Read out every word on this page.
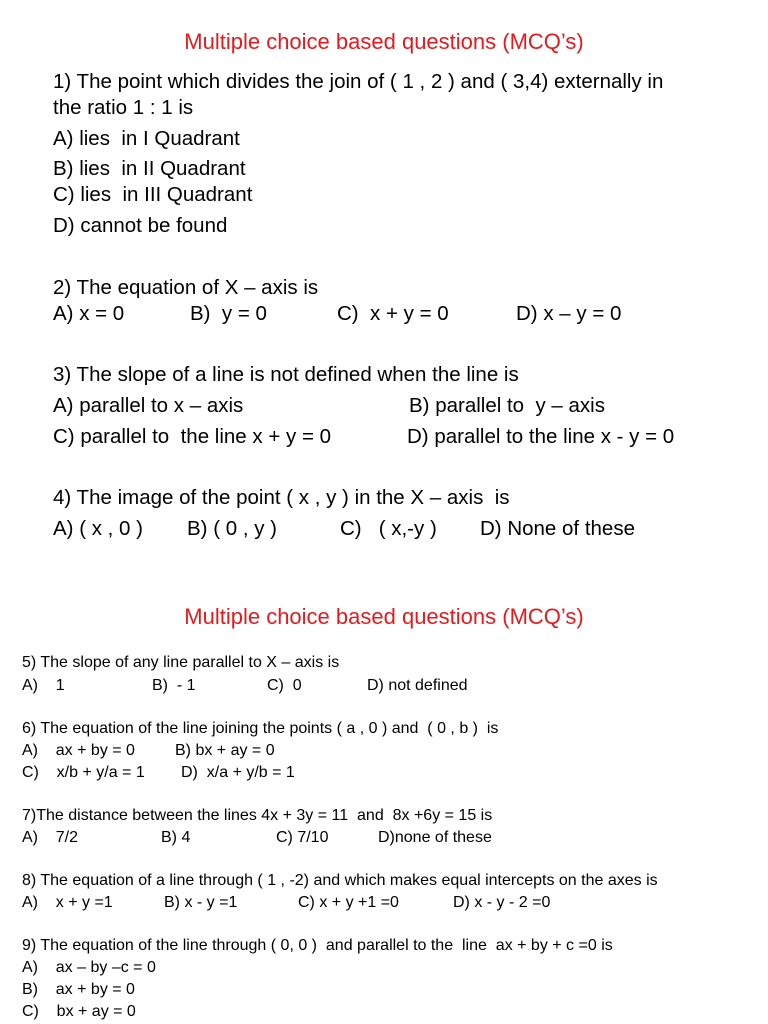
Multiple choice based questions (MCQ’s)
1) The point which divides the join of ( 1 , 2 ) and ( 3,4) externally in
the ratio 1 : 1 is
A) lies  in I Quadrant
B) lies  in II Quadrant
C) lies  in III Quadrant
D) cannot be found
2) The equation of X – axis is
A) x = 0	B)  y = 0	C)  x + y = 0	D) x – y = 0
3) The slope of a line is not defined when the line is
A) parallel to x – axis	B) parallel to  y – axis
C) parallel to  the line x + y = 0	D) parallel to the line x - y = 0
4) The image of the point ( x , y ) in the X – axis  is
A) ( x , 0 ) B) ( 0 , y )	C)   ( x,-y ) D) None of these
Multiple choice based questions (MCQ’s)
5) The slope of any line parallel to X – axis is
A)    1	B)  - 1	C)  0	D) not defined
6) The equation of the line joining the points ( a , 0 ) and  ( 0 , b )  is
A)    ax + by = 0	B) bx + ay = 0
C)    x/b + y/a = 1 D)  x/a + y/b = 1
7)The distance between the lines 4x + 3y = 11  and  8x +6y = 15 is
A)    7/2	B) 4	C) 7/10	D)none of these
8) The equation of a line through ( 1 , -2) and which makes equal intercepts on the axes is
A)    x + y =1	B) x - y =1	C) x + y +1 =0	D) x - y - 2 =0
9) The equation of the line through ( 0, 0 )  and parallel to the  line  ax + by + c =0 is
A)    ax – by –c = 0
B)    ax + by = 0
C)    bx + ay = 0
